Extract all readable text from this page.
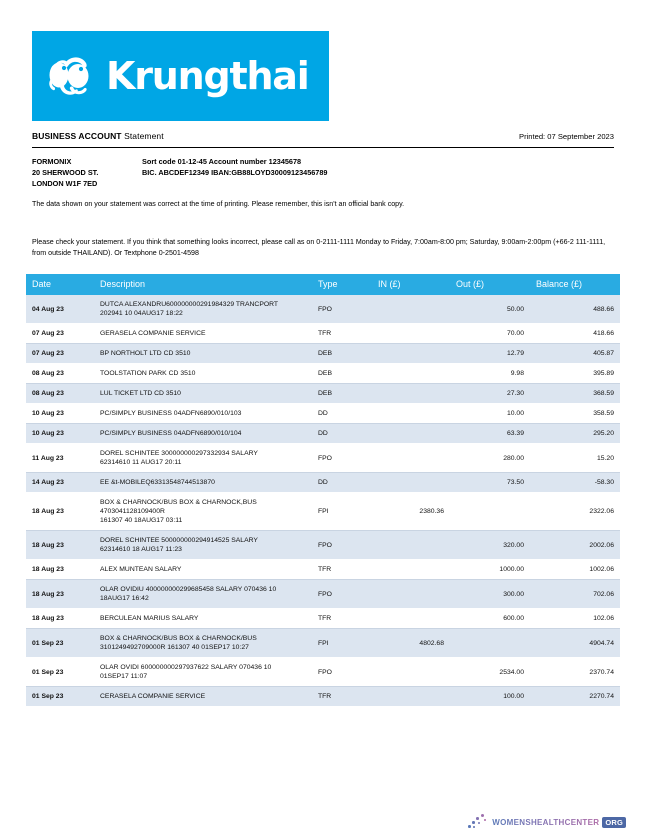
Krungthai
BUSINESS ACCOUNT Statement	Printed: 07 September 2023
FORMONIX
20 SHERWOOD ST.
LONDON W1F 7ED
Sort code 01-12-45 Account number 12345678
BIC. ABCDEF12349 IBAN:GB88LOYD30009123456789
The data shown on your statement was correct at the time of printing. Please remember, this isn't an official bank copy.
Please check your statement. If you think that something looks incorrect, please call as on 0-2111-1111 Monday to Friday, 7:00am-8:00 pm; Saturday, 9:00am-2:00pm (+66-2 111-1111, from outside THAILAND). Or Textphone 0-2501-4598
Date	Description	Type	IN (£)	Out (£)	Balance (£)
04 Aug 23	DUTCA ALEXANDRU600000000291984329 TRANCPORT
202941 10 04AUG17 18:22	FPO		50.00	488.66
07 Aug 23	GERASELA COMPANIE SERVICE	TFR		70.00	418.66
07 Aug 23	BP NORTHOLT LTD CD 3510	DEB		12.79	405.87
08 Aug 23	TOOLSTATION PARK CD 3510	DEB		9.98	395.89
08 Aug 23	LUL TICKET LTD CD 3510	DEB		27.30	368.59
10 Aug 23	PC/SIMPLY BUSINESS 04ADFN6890/010/103	DD		10.00	358.59
10 Aug 23	PC/SIMPLY BUSINESS 04ADFN6890/010/104	DD		63.39	295.20
11 Aug 23	DOREL SCHINTEE 300000000297332934 SALARY
62314610 11 AUG17 20:11	FPO		280.00	15.20
14 Aug 23	EE &t-MOBILEQ63313548744513870	DD		73.50	-58.30
18 Aug 23	BOX & CHARNOCK/BUS BOX & CHARNOCK,BUS 4703041128109400R
161307 40 18AUG17 03:11	FPI	2380.36		2322.06
18 Aug 23	DOREL SCHINTEE 500000000294914525 SALARY
62314610 18 AUG17 11:23	FPO		320.00	2002.06
18 Aug 23	ALEX MUNTEAN SALARY	TFR		1000.00	1002.06
18 Aug 23	OLAR OVIDIU 400000000299685458 SALARY 070436 10
18AUG17 16:42	FPO		300.00	702.06
18 Aug 23	BERCULEAN MARIUS SALARY	TFR		600.00	102.06
01 Sep 23	BOX & CHARNOCK/BUS BOX & CHARNOCK/BUS
3101249492709000R 161307 40 01SEP17 10:27	FPI	4802.68		4904.74
01 Sep 23	OLAR OVIDI 600000000297937622 SALARY 070436 10
01SEP17 11:07	FPO		2534.00	2370.74
01 Sep 23	CERASELA COMPANIE SERVICE	TFR		100.00	2270.74
WOMENSHEALTHCENTER ORG
